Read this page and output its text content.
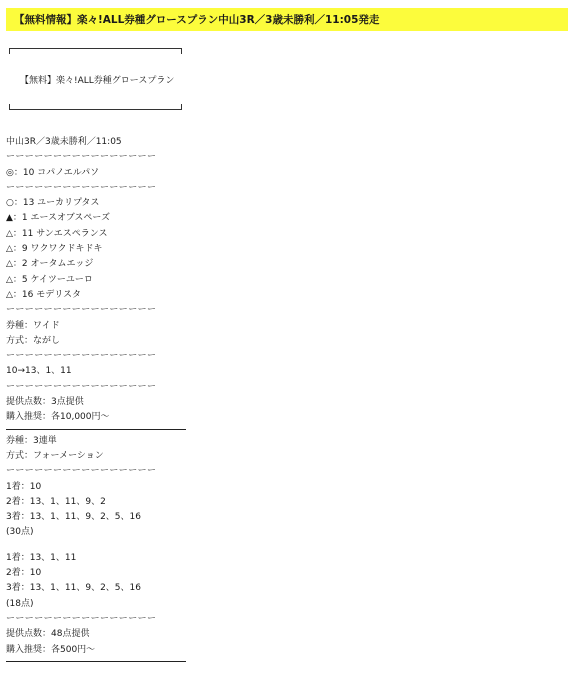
【無料情報】楽々!ALL券種グロースプラン中山3R／3歳未勝利／11:05発走
【無料】楽々!ALL券種グロースプラン
中山3R／3歳未勝利／11:05
ーーーーーーーーーーーーーーーー
◎：10 コパノエルパソ
ーーーーーーーーーーーーーーーー
○：13 ユーカリプタス
▲：1 エースオブスペーズ
△：11 サンエスペランス
△：9 ワクワクドキドキ
△：2 オータムエッジ
△：5 ケイツーユーロ
△：16 モデリスタ
ーーーーーーーーーーーーーーーー
券種：ワイド
方式：ながし
ーーーーーーーーーーーーーーーー
10→13、1、11
ーーーーーーーーーーーーーーーー
提供点数：3点提供
購入推奨：各10,000円～
券種：3連単
方式：フォーメーション
ーーーーーーーーーーーーーーーー
1着：10
2着：13、1、11、9、2
3着：13、1、11、9、2、5、16
(30点)
1着：13、1、11
2着：10
3着：13、1、11、9、2、5、16
(18点)
ーーーーーーーーーーーーーーーー
提供点数：48点提供
購入推奨：各500円～
